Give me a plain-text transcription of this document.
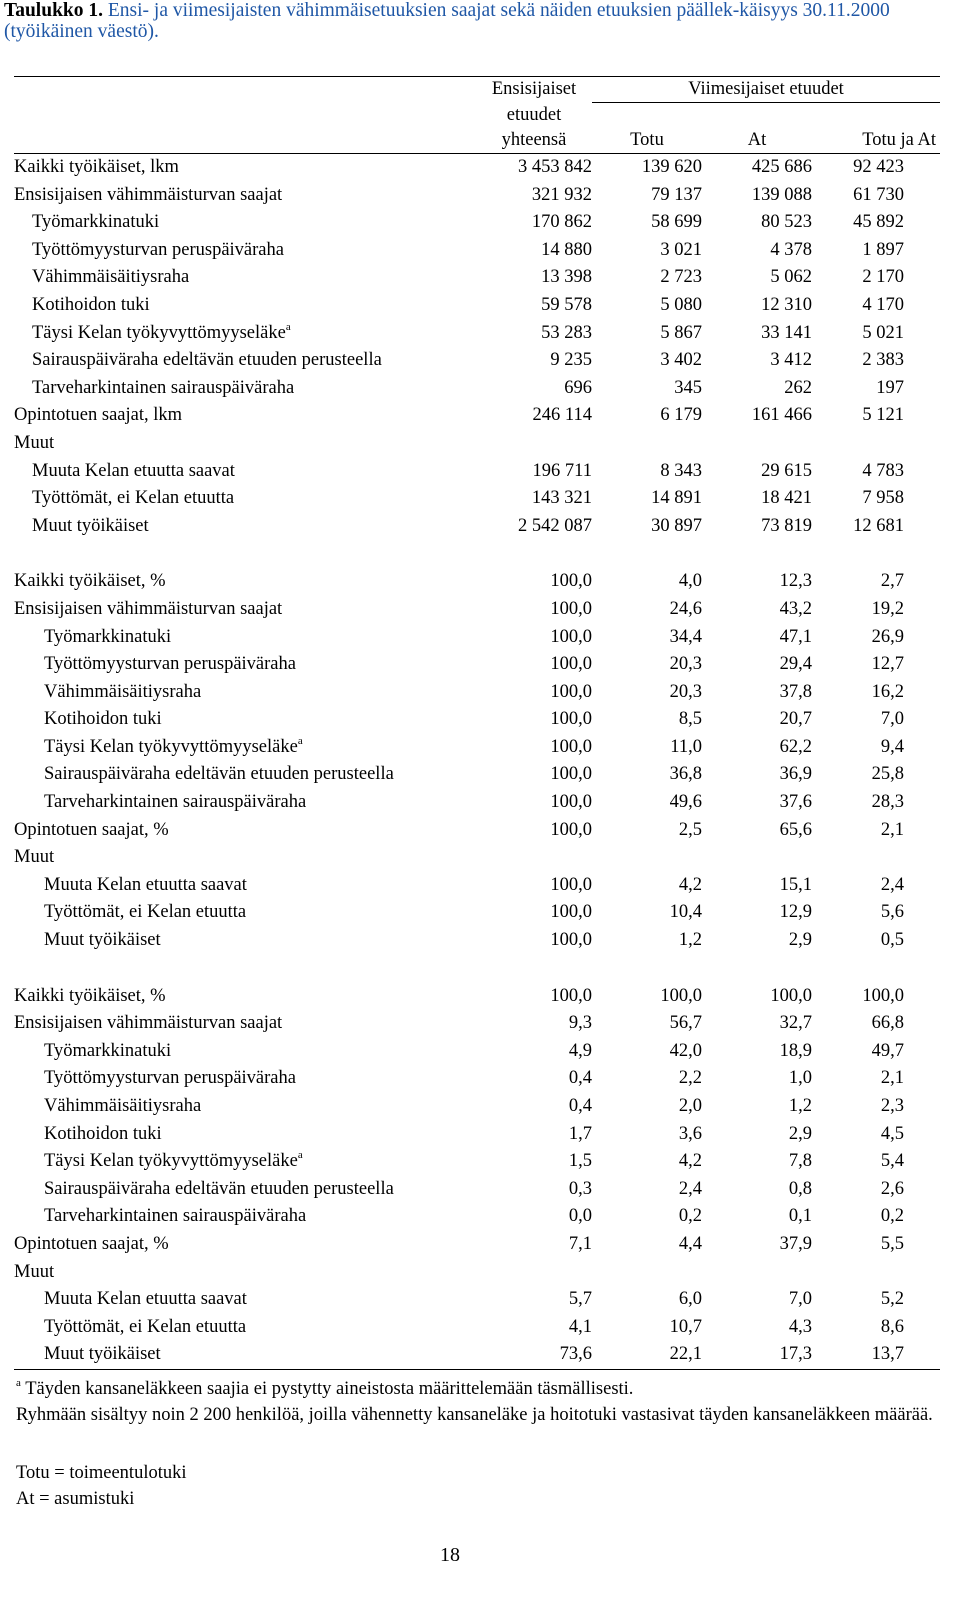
Taulukko 1. Ensi- ja viimesijaisten vähimmäisetuuksien saajat sekä näiden etuuksien päällek-käisyys 30.11.2000 (työikäinen väestö).
	Ensisijaiset	Viimesijaiset etuudet		
	etuudet			
	yhteensä	Totu	At	Totu ja At
Kaikki työikäiset, lkm	3 453 842	139 620	425 686	92 423
Ensisijaisen vähimmäisturvan saajat	321 932	79 137	139 088	61 730
Työmarkkinatuki	170 862	58 699	80 523	45 892
Työttömyysturvan peruspäiväraha	14 880	3 021	4 378	1 897
Vähimmäisäitiysraha	13 398	2 723	5 062	2 170
Kotihoidon tuki	59 578	5 080	12 310	4 170
Täysi Kelan työkyvyttömyyseläke$^a$	53 283	5 867	33 141	5 021
Sairauspäiväraha edeltävän etuuden perusteella	9 235	3 402	3 412	2 383
Tarveharkintainen sairauspäiväraha	696	345	262	197
Opintotuen saajat, lkm	246 114	6 179	161 466	5 121
Muut				
Muuta Kelan etuutta saavat	196 711	8 343	29 615	4 783
Työttömät, ei Kelan etuutta	143 321	14 891	18 421	7 958
Muut työikäiset	2 542 087	30 897	73 819	12 681

Kaikki työikäiset, %	100,0	4,0	12,3	2,7
Ensisijaisen vähimmäisturvan saajat	100,0	24,6	43,2	19,2
Työmarkkinatuki	100,0	34,4	47,1	26,9
Työttömyysturvan peruspäiväraha	100,0	20,3	29,4	12,7
Vähimmäisäitiysraha	100,0	20,3	37,8	16,2
Kotihoidon tuki	100,0	8,5	20,7	7,0
Täysi Kelan työkyvyttömyyseläke$^a$	100,0	11,0	62,2	9,4
Sairauspäiväraha edeltävän etuuden perusteella	100,0	36,8	36,9	25,8
Tarveharkintainen sairauspäiväraha	100,0	49,6	37,6	28,3
Opintotuen saajat, %	100,0	2,5	65,6	2,1
Muut				
Muuta Kelan etuutta saavat	100,0	4,2	15,1	2,4
Työttömät, ei Kelan etuutta	100,0	10,4	12,9	5,6
Muut työikäiset	100,0	1,2	2,9	0,5

Kaikki työikäiset, %	100,0	100,0	100,0	100,0
Ensisijaisen vähimmäisturvan saajat	9,3	56,7	32,7	66,8
Työmarkkinatuki	4,9	42,0	18,9	49,7
Työttömyysturvan peruspäiväraha	0,4	2,2	1,0	2,1
Vähimmäisäitiysraha	0,4	2,0	1,2	2,3
Kotihoidon tuki	1,7	3,6	2,9	4,5
Täysi Kelan työkyvyttömyyseläke$^a$	1,5	4,2	7,8	5,4
Sairauspäiväraha edeltävän etuuden perusteella	0,3	2,4	0,8	2,6
Tarveharkintainen sairauspäiväraha	0,0	0,2	0,1	0,2
Opintotuen saajat, %	7,1	4,4	37,9	5,5
Muut				
Muuta Kelan etuutta saavat	5,7	6,0	7,0	5,2
Työttömät, ei Kelan etuutta	4,1	10,7	4,3	8,6
Muut työikäiset	73,6	22,1	17,3	13,7

$^a$ Täyden kansaneläkkeen saajia ei pystytty aineistosta määrittelemään täsmällisesti.

Ryhmään sisältyy noin 2 200 henkilöä, joilla vähennetty kansaneläke ja hoitotuki vastasivat täyden kansaneläkkeen määrää.

Totu = toimeentulotuki
At = asumistuki
18
